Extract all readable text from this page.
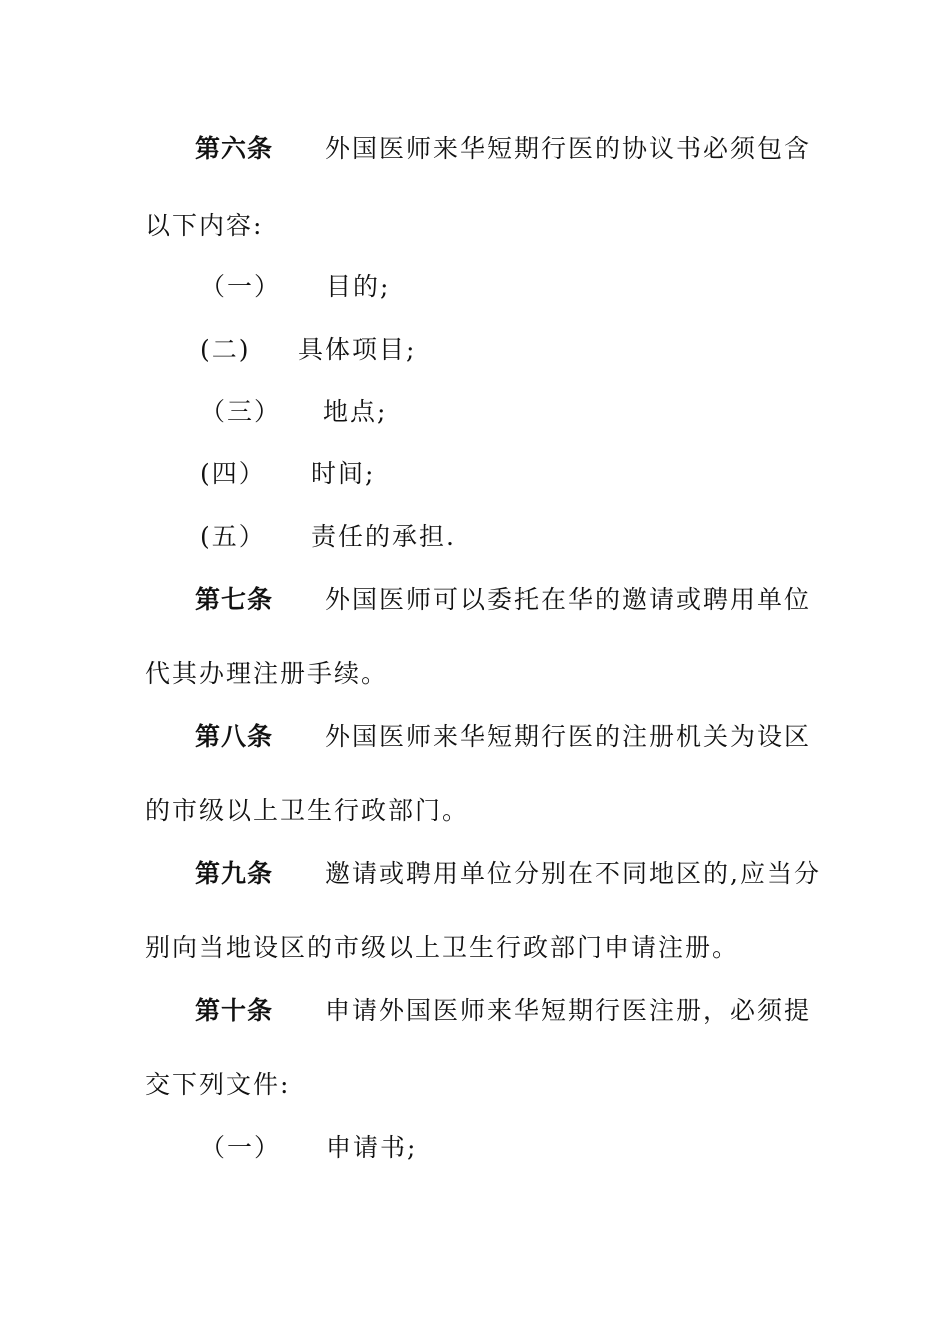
第六条 外国医师来华短期行医的协议书必须包含
以下内容:
（一） 目的;
(二) 具体项目;
（三） 地点;
(四） 时间;
(五） 责任的承担.
第七条 外国医师可以委托在华的邀请或聘用单位
代其办理注册手续。
第八条 外国医师来华短期行医的注册机关为设区
的市级以上卫生行政部门。
第九条 邀请或聘用单位分别在不同地区的,应当分
别向当地设区的市级以上卫生行政部门申请注册。
第十条 申请外国医师来华短期行医注册，必须提
交下列文件:
（一） 申请书;
